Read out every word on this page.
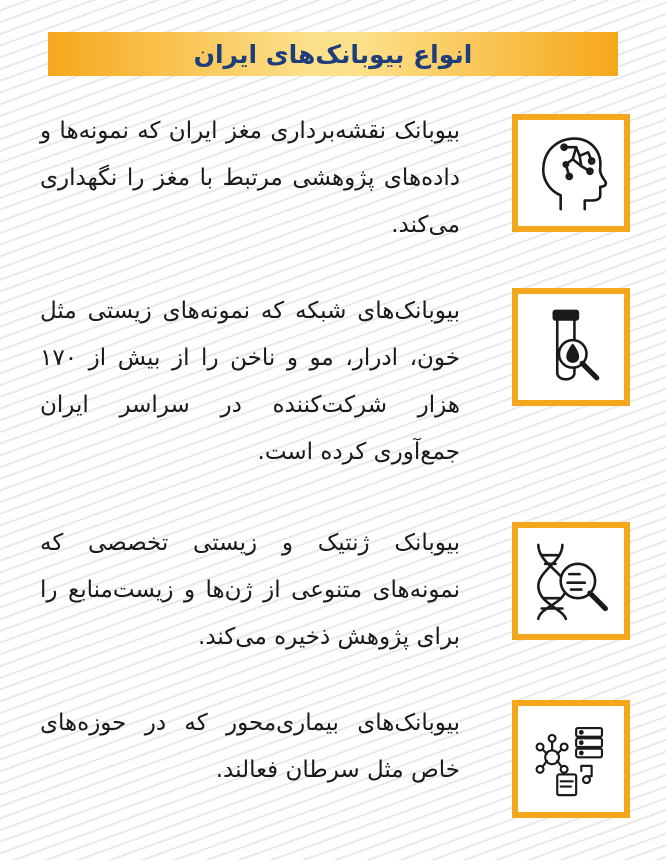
انواع بیوبانک‌های ایران
بیوبانک نقشه‌برداری مغز ایران که نمونه‌ها و داده‌های پژوهشی مرتبط با مغز را نگهداری می‌کند.
بیوبانک‌های شبکه که نمونه‌های زیستی مثل خون، ادرار، مو و ناخن را از بیش از ۱۷۰ هزار شرکت‌کننده در سراسر ایران جمع‌آوری کرده است.
بیوبانک ژنتیک و زیستی تخصصی که نمونه‌های متنوعی از ژن‌ها و زیست‌منابع را برای پژوهش ذخیره می‌کند.
بیوبانک‌های بیماری‌محور که در حوزه‌های خاص مثل سرطان فعالند.
